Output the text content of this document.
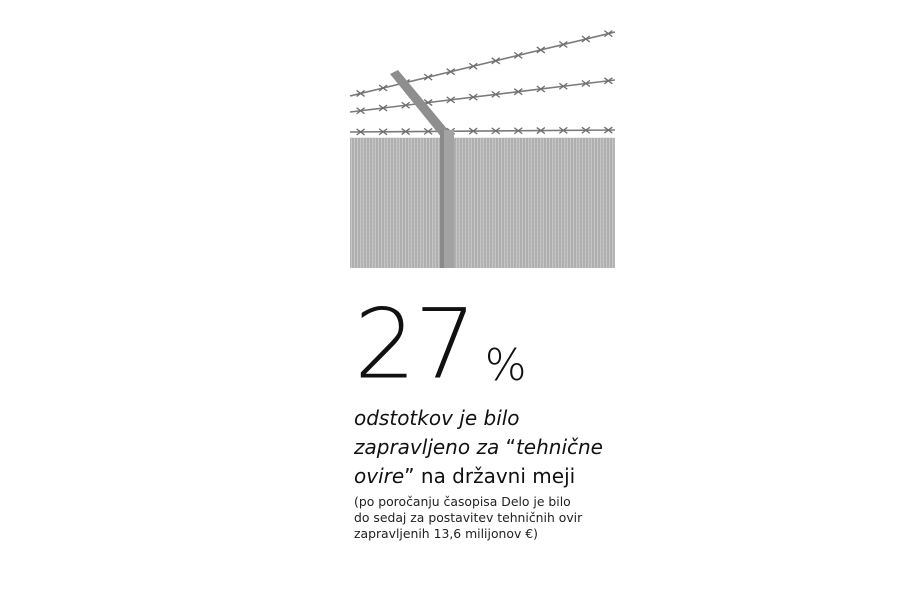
27 %
odstotkov je bilo zapravljeno za “tehnične ovire” na državni meji
(po poročanju časopisa Delo je bilo do sedaj za postavitev tehničnih ovir zapravljenih 13,6 milijonov €)
